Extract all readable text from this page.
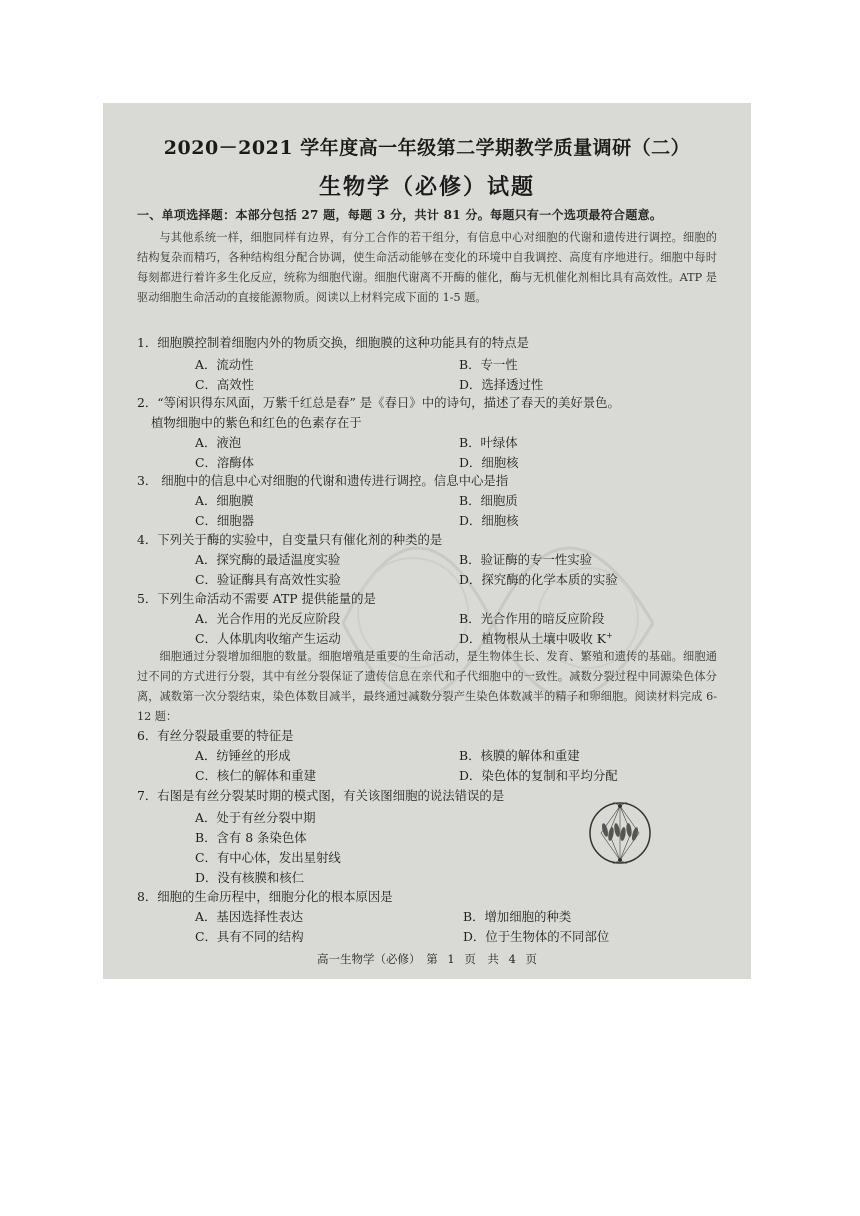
2020－2021 学年度高一年级第二学期教学质量调研（二）
生物学（必修）试题
一、单项选择题：本部分包括 27 题，每题 3 分，共计 81 分。每题只有一个选项最符合题意。
与其他系统一样，细胞同样有边界，有分工合作的若干组分，有信息中心对细胞的代谢和遗传进行调控。细胞的结构复杂而精巧，各种结构组分配合协调，使生命活动能够在变化的环境中自我调控、高度有序地进行。细胞中每时每刻都进行着许多生化反应，统称为细胞代谢。细胞代谢离不开酶的催化，酶与无机催化剂相比具有高效性。ATP 是驱动细胞生命活动的直接能源物质。阅读以上材料完成下面的 1-5 题。
1．细胞膜控制着细胞内外的物质交换，细胞膜的这种功能具有的特点是
A．流动性	B．专一性
C．高效性	D．选择透过性
2．“等闲识得东风面，万紫千红总是春” 是《春日》中的诗句，描述了春天的美好景色。
植物细胞中的紫色和红色的色素存在于
A．液泡	B．叶绿体
C．溶酶体	D．细胞核
3． 细胞中的信息中心对细胞的代谢和遗传进行调控。信息中心是指
A．细胞膜	B．细胞质
C．细胞器	D．细胞核
4．下列关于酶的实验中，自变量只有催化剂的种类的是
A．探究酶的最适温度实验	B．验证酶的专一性实验
C．验证酶具有高效性实验	D．探究酶的化学本质的实验
5．下列生命活动不需要 ATP 提供能量的是
A．光合作用的光反应阶段	B．光合作用的暗反应阶段
C．人体肌肉收缩产生运动	D．植物根从土壤中吸收 K+
细胞通过分裂增加细胞的数量。细胞增殖是重要的生命活动，是生物体生长、发育、繁殖和遗传的基础。细胞通过不同的方式进行分裂，其中有丝分裂保证了遗传信息在亲代和子代细胞中的一致性。减数分裂过程中同源染色体分离，减数第一次分裂结束，染色体数目减半，最终通过减数分裂产生染色体数减半的精子和卵细胞。阅读材料完成 6-12 题：
6．有丝分裂最重要的特征是
A．纺锤丝的形成	B．核膜的解体和重建
C．核仁的解体和重建	D．染色体的复制和平均分配
7．右图是有丝分裂某时期的模式图，有关该图细胞的说法错误的是
A．处于有丝分裂中期
B．含有 8 条染色体
C．有中心体，发出星射线
D．没有核膜和核仁
8．细胞的生命历程中，细胞分化的根本原因是
A．基因选择性表达	B．增加细胞的种类
C．具有不同的结构	D．位于生物体的不同部位
高一生物学（必修）　第 1 页　共 4 页
